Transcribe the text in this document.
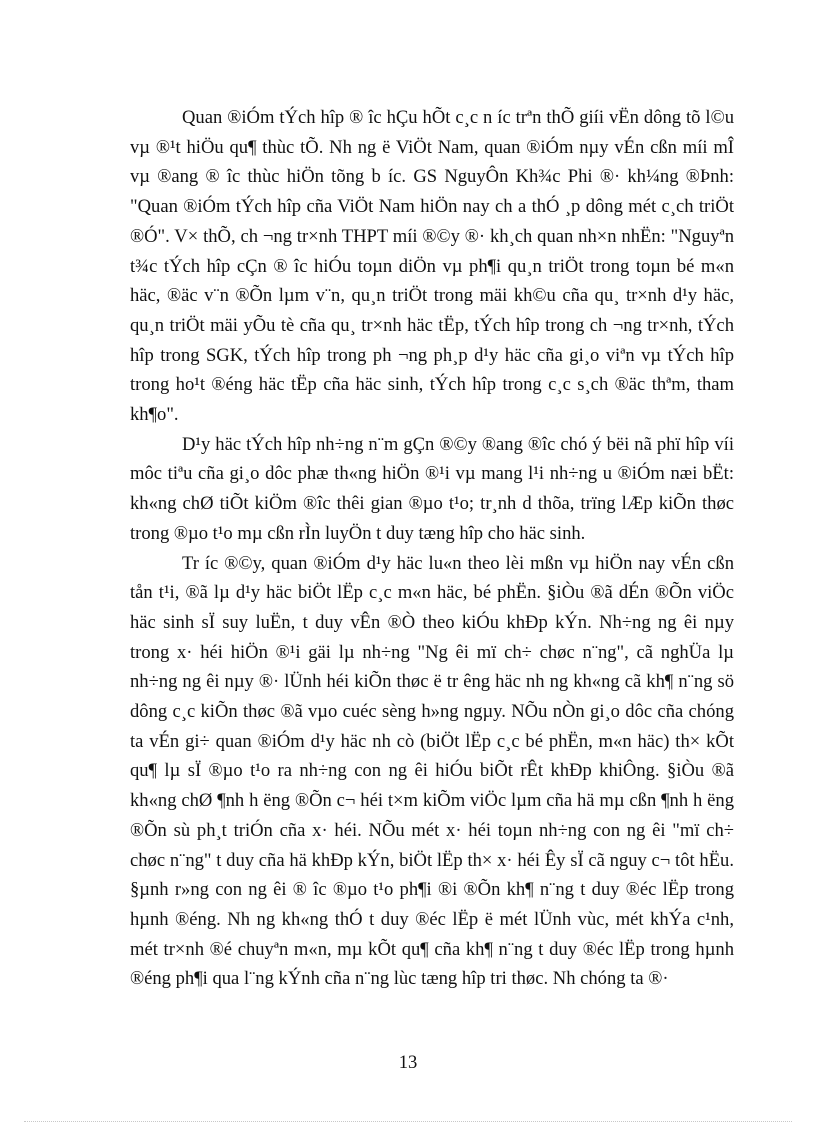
Quan ®iÓm tÝch hîp ® îc hÇu hÕt c¸c n íc trªn thÕ giíi vËn dông tõ l©u vµ ®¹t hiÖu qu¶ thùc tÕ. Nh ng ë ViÖt Nam, quan ®iÓm nµy vÉn cßn míi mÎ vµ ®ang ® îc thùc hiÖn tõng b íc. GS NguyÔn Kh¾c Phi ®· kh¼ng ®Þnh: "Quan ®iÓm tÝch hîp cña ViÖt Nam hiÖn nay ch a thÓ ¸p dông mét c¸ch triÖt ®Ó". V× thÕ, ch ¬ng tr×nh THPT míi ®©y ®· kh¸ch quan nh×n nhËn: "Nguyªn t¾c tÝch hîp cÇn ® îc hiÓu toµn diÖn vµ ph¶i qu¸n triÖt trong toµn bé m«n häc, ®äc v¨n ®Õn lµm v¨n, qu¸n triÖt trong mäi kh©u cña qu¸ tr×nh d¹y häc, qu¸n triÖt mäi yÕu tè cña qu¸ tr×nh häc tËp, tÝch hîp trong ch ¬ng tr×nh, tÝch hîp trong SGK, tÝch hîp trong ph ¬ng ph¸p d¹y häc cña gi¸o viªn vµ tÝch hîp trong ho¹t ®éng häc tËp cña häc sinh, tÝch hîp trong c¸c s¸ch ®äc thªm, tham kh¶o".

D¹y häc tÝch hîp nh÷ng n¨m gÇn ®©y ®ang ®îc chó ý bëi nã phï hîp víi môc tiªu cña gi¸o dôc phæ th«ng hiÖn ®¹i vµ mang l¹i nh÷ng u ®iÓm næi bËt: kh«ng chØ tiÕt kiÖm ®îc thêi gian ®µo t¹o; tr¸nh d thõa, trïng lÆp kiÕn thøc trong ®µo t¹o mµ cßn rÌn luyÖn t duy tæng hîp cho häc sinh.

Tr íc ®©y, quan ®iÓm d¹y häc lu«n theo lèi mßn vµ hiÖn nay vÉn cßn tån t¹i, ®ã lµ d¹y häc biÖt lËp c¸c m«n häc, bé phËn. §iÒu ®ã dÉn ®Õn viÖc häc sinh sÏ suy luËn, t duy vÊn ®Ò theo kiÓu khÐp kÝn. Nh÷ng ng êi nµy trong x· héi hiÖn ®¹i gäi lµ nh÷ng "Ng êi mï ch÷ chøc n¨ng", cã nghÜa lµ nh÷ng ng êi nµy ®· lÜnh héi kiÕn thøc ë tr êng häc nh ng kh«ng cã kh¶ n¨ng sö dông c¸c kiÕn thøc ®ã vµo cuéc sèng h»ng ngµy. NÕu nÒn gi¸o dôc cña chóng ta vÉn gi÷ quan ®iÓm d¹y häc nh cò (biÖt lËp c¸c bé phËn, m«n häc) th× kÕt qu¶ lµ sÏ ®µo t¹o ra nh÷ng con ng êi hiÓu biÕt rÊt khÐp khiÔng. §iÒu ®ã kh«ng chØ ¶nh h ëng ®Õn c¬ héi t×m kiÕm viÖc lµm cña hä mµ cßn ¶nh h ëng ®Õn sù ph¸t triÓn cña x· héi. NÕu mét x· héi toµn nh÷ng con ng êi "mï ch÷ chøc n¨ng" t duy cña hä khÐp kÝn, biÖt lËp th× x· héi Êy sÏ cã nguy c¬ tôt hËu. §µnh r»ng con ng êi ® îc ®µo t¹o ph¶i ®i ®Õn kh¶ n¨ng t duy ®éc lËp trong hµnh ®éng. Nh ng kh«ng thÓ t duy ®éc lËp ë mét lÜnh vùc, mét khÝa c¹nh, mét tr×nh ®é chuyªn m«n, mµ kÕt qu¶ cña kh¶ n¨ng t duy ®éc lËp trong hµnh ®éng ph¶i qua l¨ng kÝnh cña n¨ng lùc tæng hîp tri thøc. Nh chóng ta ®·

13
